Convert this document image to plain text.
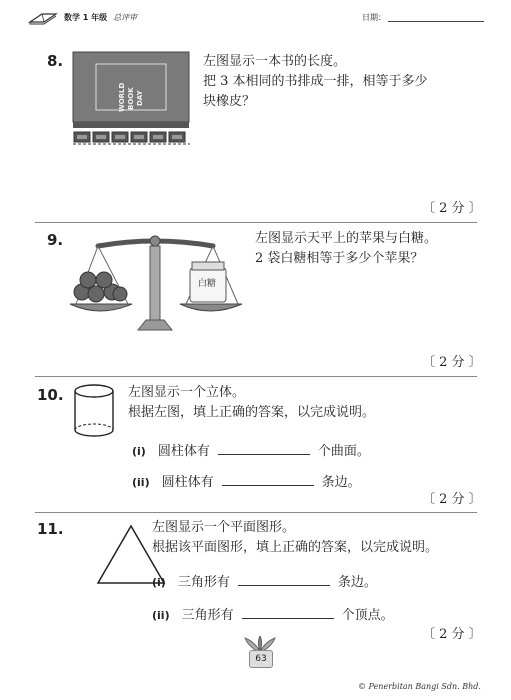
数学 1 年级 总评审	日期：
8.
WORLD BOOK DAY
左图显示一本书的长度。
把 3 本相同的书排成一排，相等于多少
块橡皮？
〔 2 分 〕
9.
白糖
左图显示天平上的苹果与白糖。
2 袋白糖相等于多少个苹果？
〔 2 分 〕
10.	左图显示一个立体。
根据左图，填上正确的答案，以完成说明。
(i) 圆柱体有	个曲面。
(ii) 圆柱体有	条边。
〔 2 分 〕
11.	左图显示一个平面图形。
根据该平面图形，填上正确的答案，以完成说明。
(i) 三角形有	条边。
(ii) 三角形有	个顶点。
〔 2 分 〕
63
© Penerbitan Bangi Sdn. Bhd.
